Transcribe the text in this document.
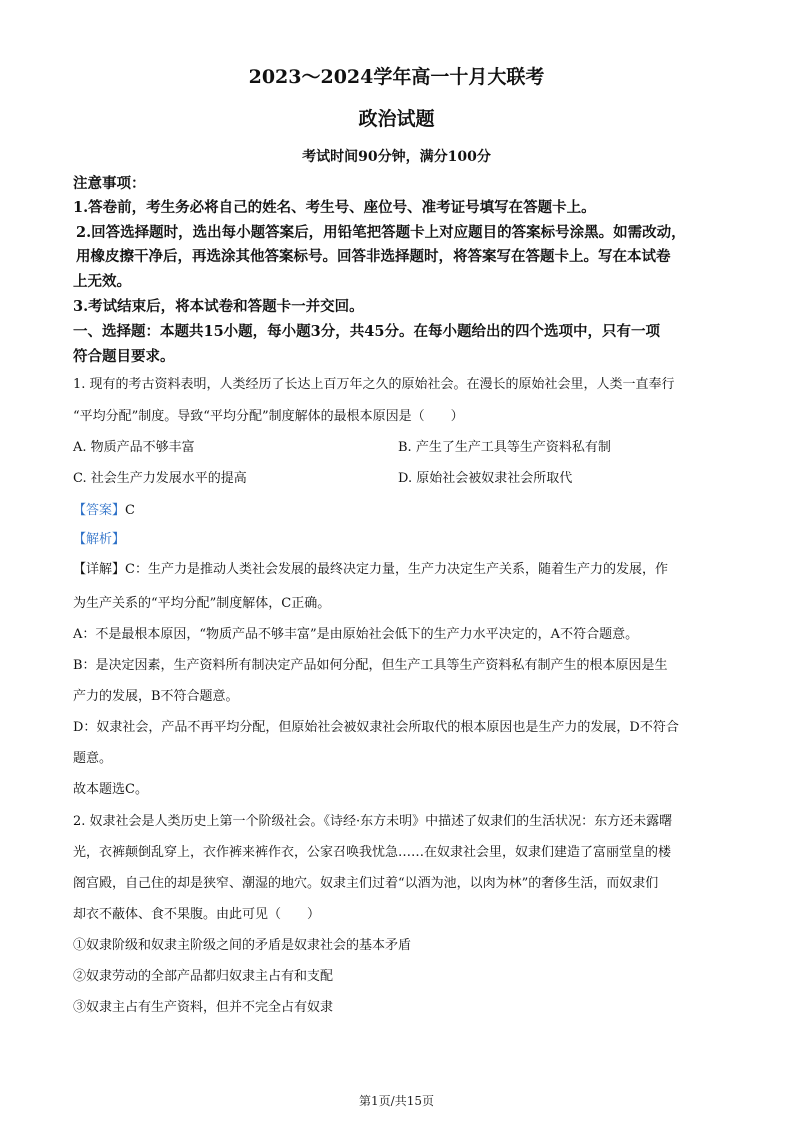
2023～2024学年高一十月大联考
政治试题
考试时间90分钟，满分100分
注意事项：
1.答卷前，考生务必将自己的姓名、考生号、座位号、准考证号填写在答题卡上。
2.回答选择题时，选出每小题答案后，用铅笔把答题卡上对应题目的答案标号涂黑。如需改动，
用橡皮擦干净后，再选涂其他答案标号。回答非选择题时，将答案写在答题卡上。写在本试卷
上无效。
3.考试结束后，将本试卷和答题卡一并交回。
一、选择题：本题共15小题，每小题3分，共45分。在每小题给出的四个选项中，只有一项
符合题目要求。
1. 现有的考古资料表明，人类经历了长达上百万年之久的原始社会。在漫长的原始社会里，人类一直奉行
“平均分配”制度。导致“平均分配”制度解体的最根本原因是（　　）
A. 物质产品不够丰富	B. 产生了生产工具等生产资料私有制
C. 社会生产力发展水平的提高	D. 原始社会被奴隶社会所取代
【答案】C
【解析】
【详解】C：生产力是推动人类社会发展的最终决定力量，生产力决定生产关系，随着生产力的发展，作
为生产关系的“平均分配”制度解体，C正确。
A：不是最根本原因，“物质产品不够丰富”是由原始社会低下的生产力水平决定的，A不符合题意。
B：是决定因素，生产资料所有制决定产品如何分配，但生产工具等生产资料私有制产生的根本原因是生
产力的发展，B不符合题意。
D：奴隶社会，产品不再平均分配，但原始社会被奴隶社会所取代的根本原因也是生产力的发展，D不符合
题意。
故本题选C。
2. 奴隶社会是人类历史上第一个阶级社会。《诗经·东方未明》中描述了奴隶们的生活状况：东方还未露曙
光，衣裤颠倒乱穿上，衣作裤来裤作衣，公家召唤我忧急……在奴隶社会里，奴隶们建造了富丽堂皇的楼
阁宫殿，自己住的却是狭窄、潮湿的地穴。奴隶主们过着“以酒为池，以肉为林”的奢侈生活，而奴隶们
却衣不蔽体、食不果腹。由此可见（　　）
①奴隶阶级和奴隶主阶级之间的矛盾是奴隶社会的基本矛盾
②奴隶劳动的全部产品都归奴隶主占有和支配
③奴隶主占有生产资料，但并不完全占有奴隶
第1页/共15页
